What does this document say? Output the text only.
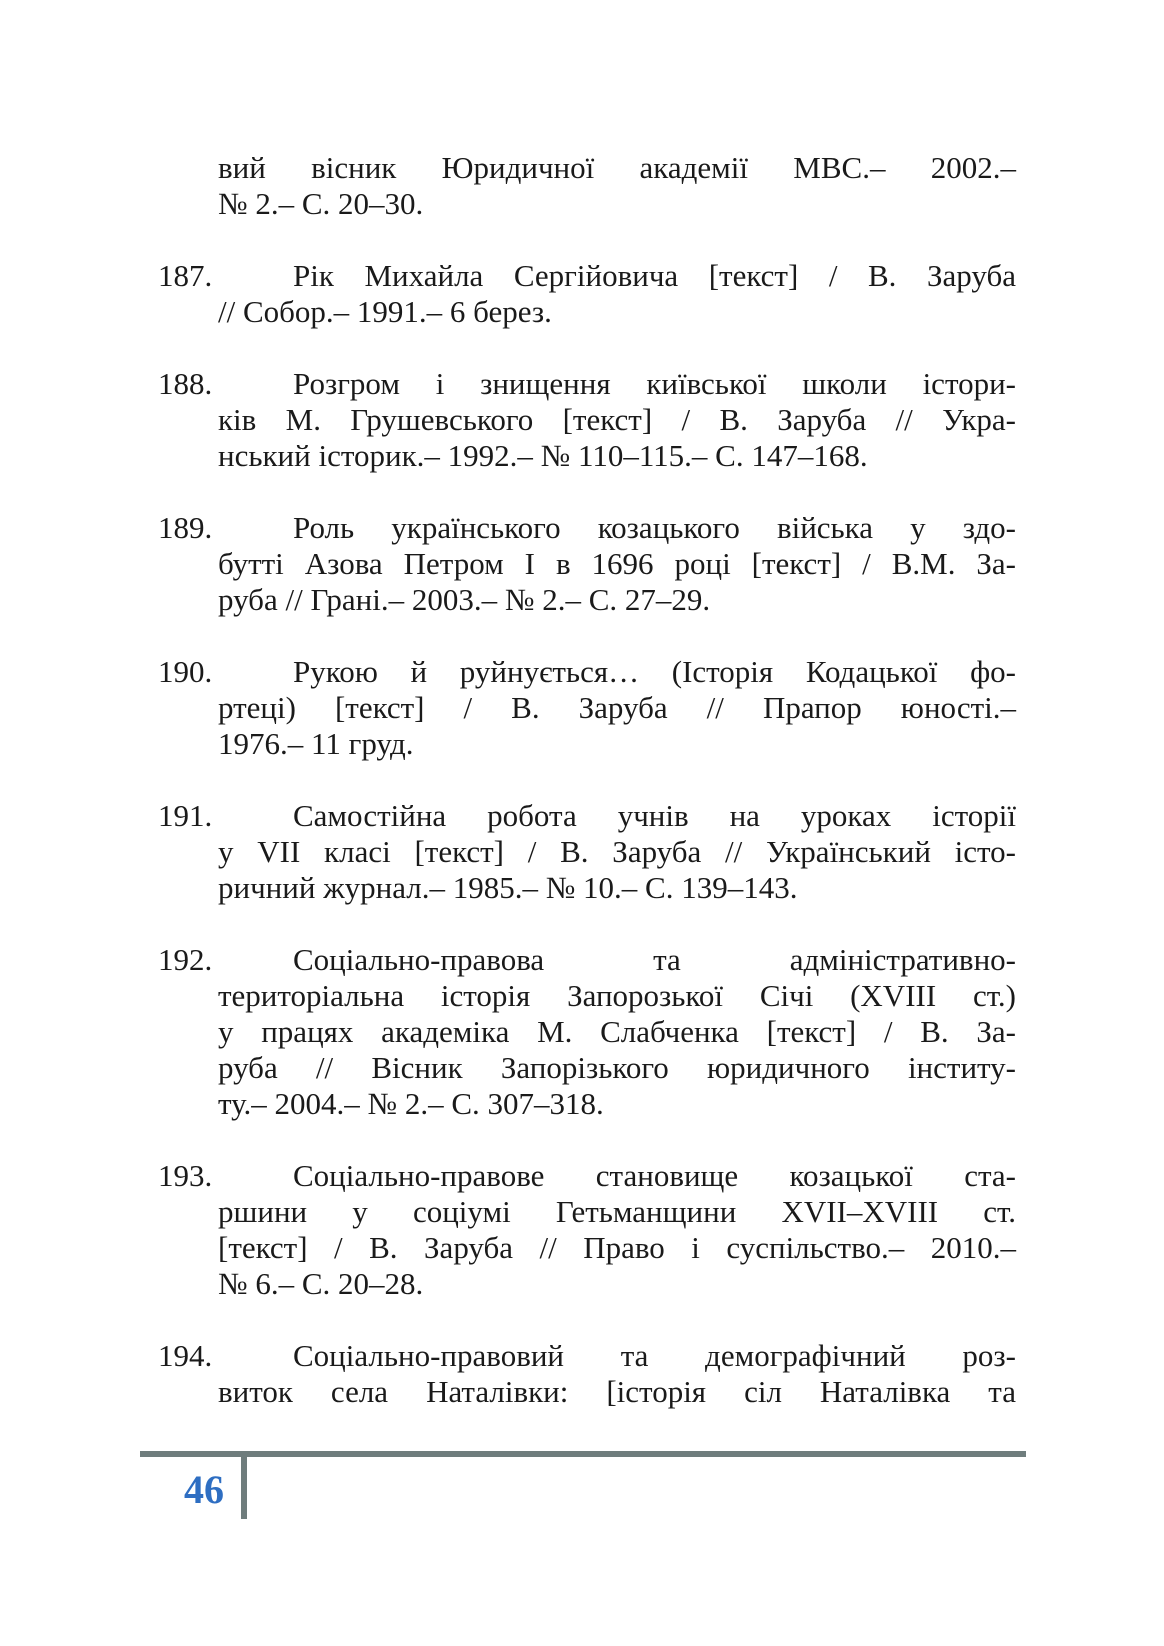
вий вісник Юридичної академії МВС.– 2002.–
№ 2.– С. 20–30.
187.	Рік Михайла Сергійовича [текст] / В. Заруба
// Собор.– 1991.– 6 берез.
188.	Розгром і знищення київської школи істори-
ків М. Грушевського [текст] / В. Заруба // Укра-
нський історик.– 1992.– № 110–115.– С. 147–168.
189.	Роль українського козацького війська у здо-
бутті Азова Петром I в 1696 році [текст] / В.М. За-
руба // Грані.– 2003.– № 2.– С. 27–29.
190.	Рукою й руйнується… (Історія Кодацької фо-
ртеці) [текст] / В. Заруба // Прапор юності.–
1976.– 11 груд.
191.	Самостійна робота учнів на уроках історії
у VII класі [текст] / В. Заруба // Український істо-
ричний журнал.– 1985.– № 10.– С. 139–143.
192.	Соціально-правова та адміністративно-
територіальна історія Запорозької Січі (XVIII ст.)
у працях академіка М. Слабченка [текст] / В. За-
руба // Вісник Запорізького юридичного інститу-
ту.– 2004.– № 2.– С. 307–318.
193.	Соціально-правове становище козацької ста-
ршини у соціумі Гетьманщини XVII–XVIII ст.
[текст] / В. Заруба // Право і суспільство.– 2010.–
№ 6.– С. 20–28.
194.	Соціально-правовий та демографічний роз-
виток села Наталівки: [історія сіл Наталівка та
46
